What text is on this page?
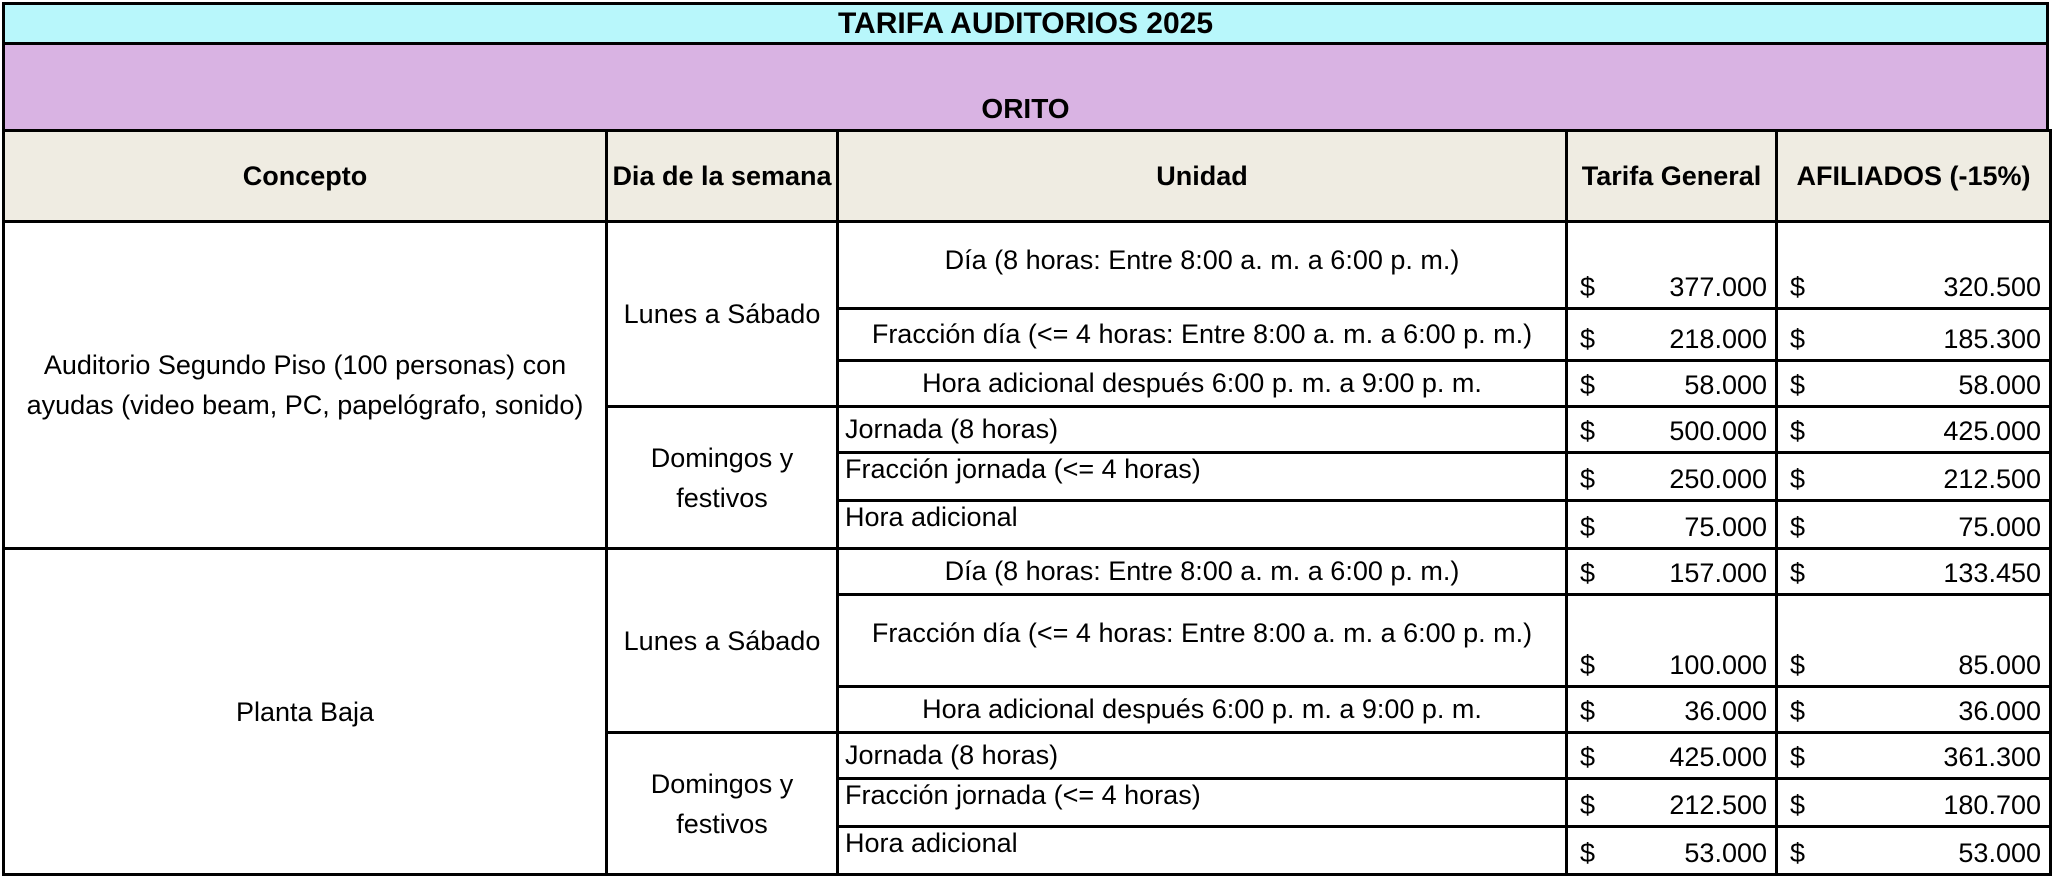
TARIFA AUDITORIOS 2025
ORITO
Concepto	Dia de la semana	Unidad	Tarifa General	AFILIADOS (-15%)
Auditorio Segundo Piso (100 personas) con ayudas (video beam, PC, papelógrafo, sonido)	Lunes a Sábado	Día (8 horas: Entre 8:00 a. m. a 6:00 p. m.)	$ 377.000	$ 320.500

		Fracción día (<= 4 horas: Entre 8:00 a. m. a 6:00 p. m.)	$ 218.000	$ 185.300

		Hora adicional después 6:00 p. m. a 9:00 p. m.	$ 58.000	$ 58.000

	Domingos y festivos	Jornada (8 horas)	$ 500.000	$ 425.000

		Fracción jornada (<= 4 horas)	$ 250.000	$ 212.500

		Hora adicional	$ 75.000	$ 75.000

Planta Baja	Lunes a Sábado	Día (8 horas: Entre 8:00 a. m. a 6:00 p. m.)	$ 157.000	$ 133.450

		Fracción día (<= 4 horas: Entre 8:00 a. m. a 6:00 p. m.)	$ 100.000	$ 85.000

		Hora adicional después 6:00 p. m. a 9:00 p. m.	$ 36.000	$ 36.000

	Domingos y festivos	Jornada (8 horas)	$ 425.000	$ 361.300

		Fracción jornada (<= 4 horas)	$ 212.500	$ 180.700

		Hora adicional	$ 53.000	$ 53.000
